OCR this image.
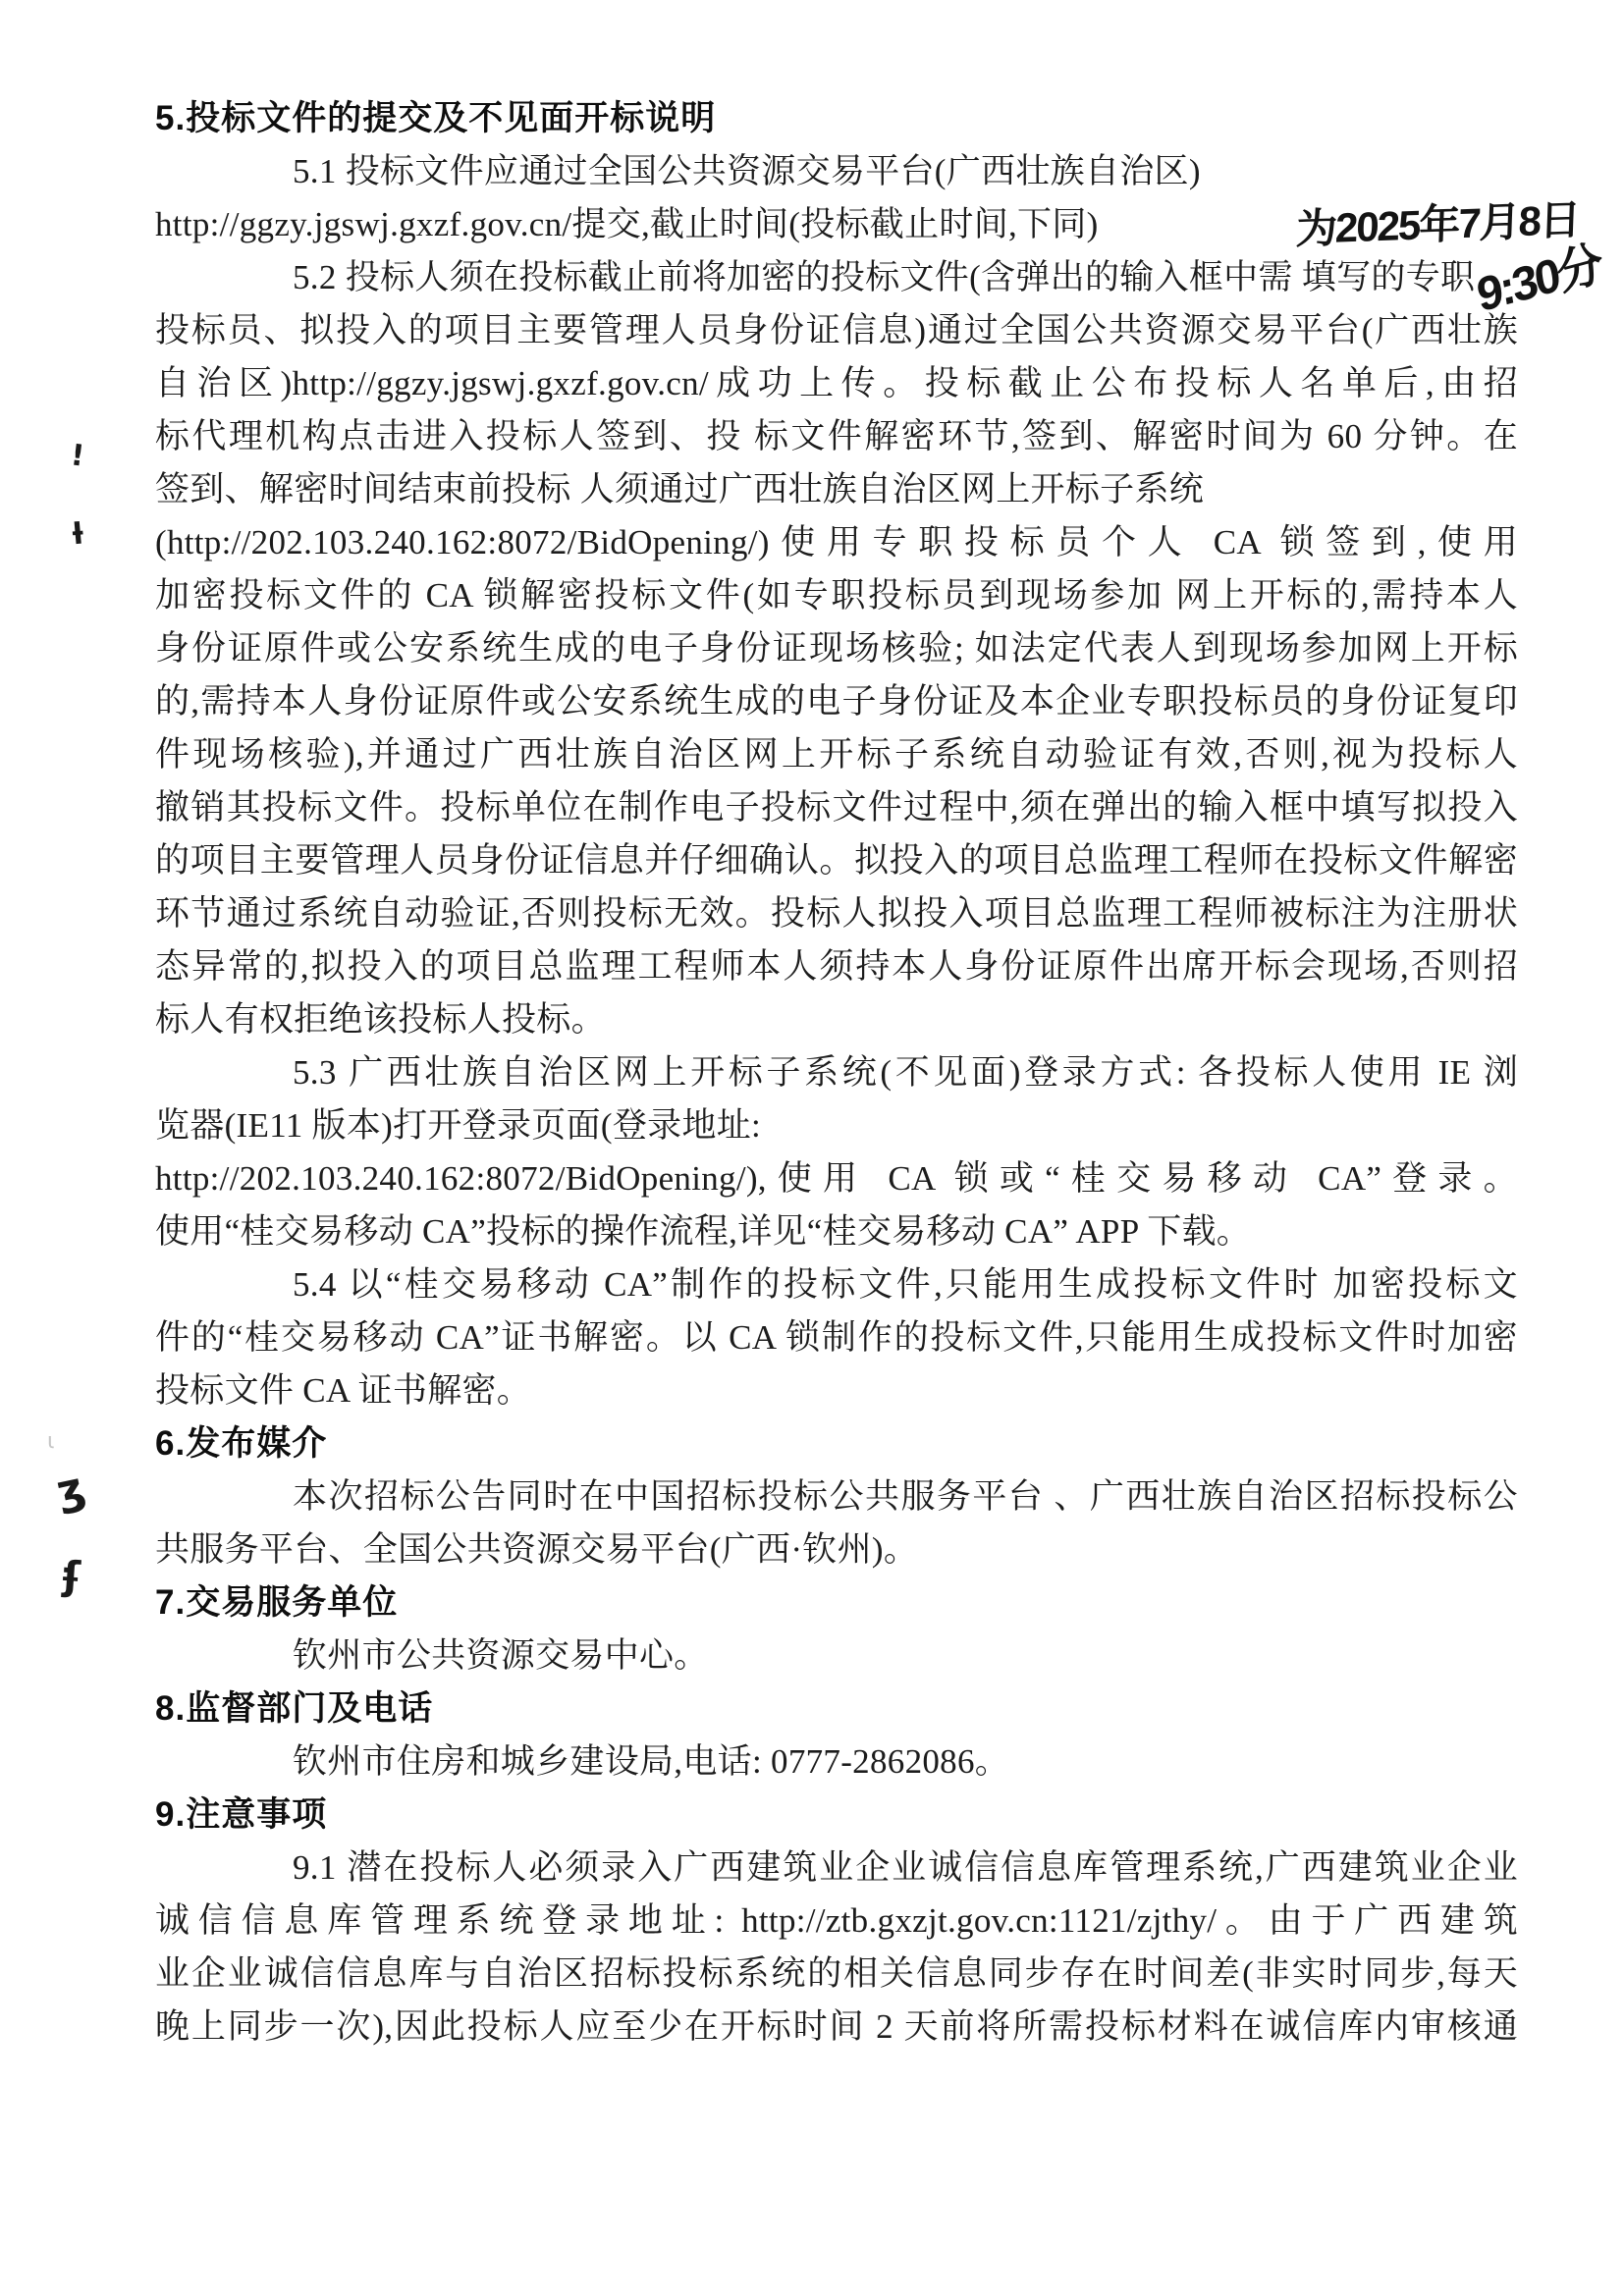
5.投标文件的提交及不见面开标说明
5.1 投标文件应通过全国公共资源交易平台(广西壮族自治区)
http://ggzy.jgswj.gxzf.gov.cn/提交,截止时间(投标截止时间,下同)
5.2 投标人须在投标截止前将加密的投标文件(含弹出的输入框中需 填写的专职
投标员、拟投入的项目主要管理人员身份证信息)通过全国公共资源交易平台(广西壮族
自治区)http://ggzy.jgswj.gxzf.gov.cn/成功上传。投标截止公布投标人名单后,由招
标代理机构点击进入投标人签到、投 标文件解密环节,签到、解密时间为 60 分钟。在
签到、解密时间结束前投标 人须通过广西壮族自治区网上开标子系统
(http://202.103.240.162:8072/BidOpening/)使用专职投标员个人 CA 锁签到,使用
加密投标文件的 CA 锁解密投标文件(如专职投标员到现场参加 网上开标的,需持本人
身份证原件或公安系统生成的电子身份证现场核验; 如法定代表人到现场参加网上开标
的,需持本人身份证原件或公安系统生成的电子身份证及本企业专职投标员的身份证复印
件现场核验),并通过广西壮族自治区网上开标子系统自动验证有效,否则,视为投标人
撤销其投标文件。投标单位在制作电子投标文件过程中,须在弹出的输入框中填写拟投入
的项目主要管理人员身份证信息并仔细确认。拟投入的项目总监理工程师在投标文件解密
环节通过系统自动验证,否则投标无效。投标人拟投入项目总监理工程师被标注为注册状
态异常的,拟投入的项目总监理工程师本人须持本人身份证原件出席开标会现场,否则招
标人有权拒绝该投标人投标。
5.3 广西壮族自治区网上开标子系统(不见面)登录方式: 各投标人使用 IE 浏
览器(IE11 版本)打开登录页面(登录地址:
http://202.103.240.162:8072/BidOpening/),使用 CA 锁或“桂交易移动 CA”登录。
使用“桂交易移动 CA”投标的操作流程,详见“桂交易移动 CA” APP 下载。
5.4 以“桂交易移动 CA”制作的投标文件,只能用生成投标文件时 加密投标文
件的“桂交易移动 CA”证书解密。以 CA 锁制作的投标文件,只能用生成投标文件时加密
投标文件 CA 证书解密。
6.发布媒介
本次招标公告同时在中国招标投标公共服务平台 、广西壮族自治区招标投标公
共服务平台、全国公共资源交易平台(广西·钦州)。
7.交易服务单位
钦州市公共资源交易中心。
8.监督部门及电话
钦州市住房和城乡建设局,电话: 0777-2862086。
9.注意事项
9.1 潜在投标人必须录入广西建筑业企业诚信信息库管理系统,广西建筑业企业
诚信信息库管理系统登录地址: http://ztb.gxzjt.gov.cn:1121/zjthy/。由于广西建筑
业企业诚信信息库与自治区招标投标系统的相关信息同步存在时间差(非实时同步,每天
晚上同步一次),因此投标人应至少在开标时间 2 天前将所需投标材料在诚信库内审核通
为2025年7月8日
9:30分
!
ƚ
ι
ʒ
ʄ
